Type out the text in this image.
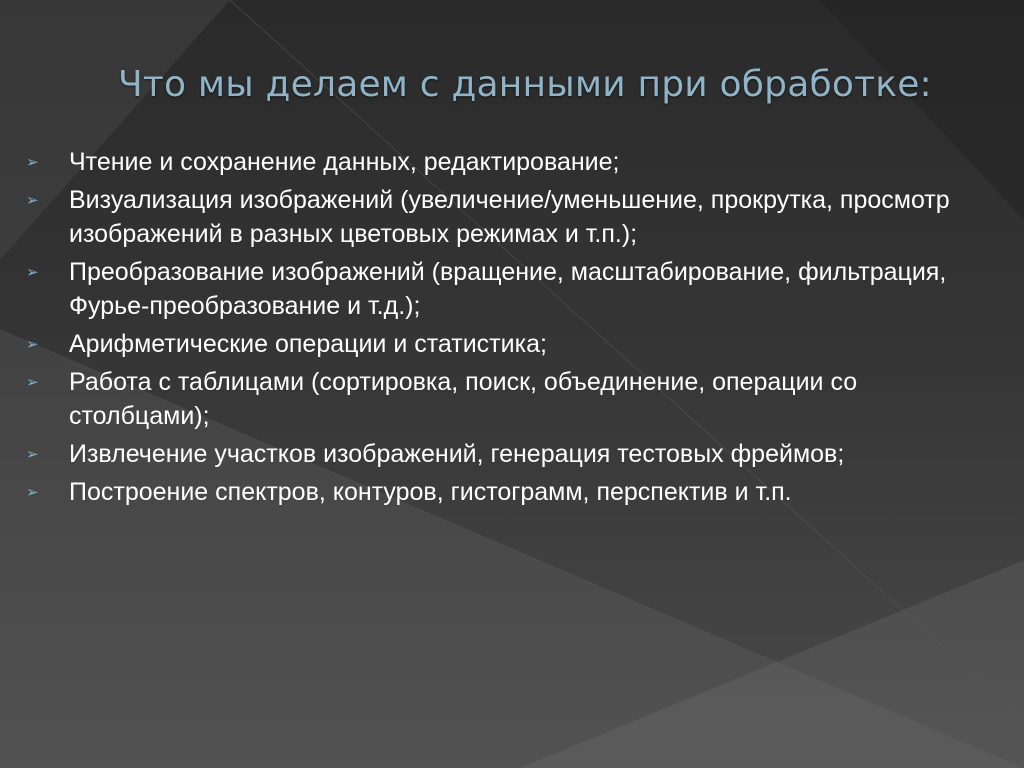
Что мы делаем с данными при обработке:
➢ Чтение и сохранение данных, редактирование;
➢ Визуализация изображений (увеличение/уменьшение, прокрутка, просмотр изображений в разных цветовых режимах и т.п.);
➢ Преобразование изображений (вращение, масштабирование, фильтрация, Фурье-преобразование и т.д.);
➢ Арифметические операции и статистика;
➢ Работа с таблицами (сортировка, поиск, объединение, операции со столбцами);
➢ Извлечение участков изображений, генерация тестовых фреймов;
➢ Построение спектров, контуров, гистограмм, перспектив и т.п.
